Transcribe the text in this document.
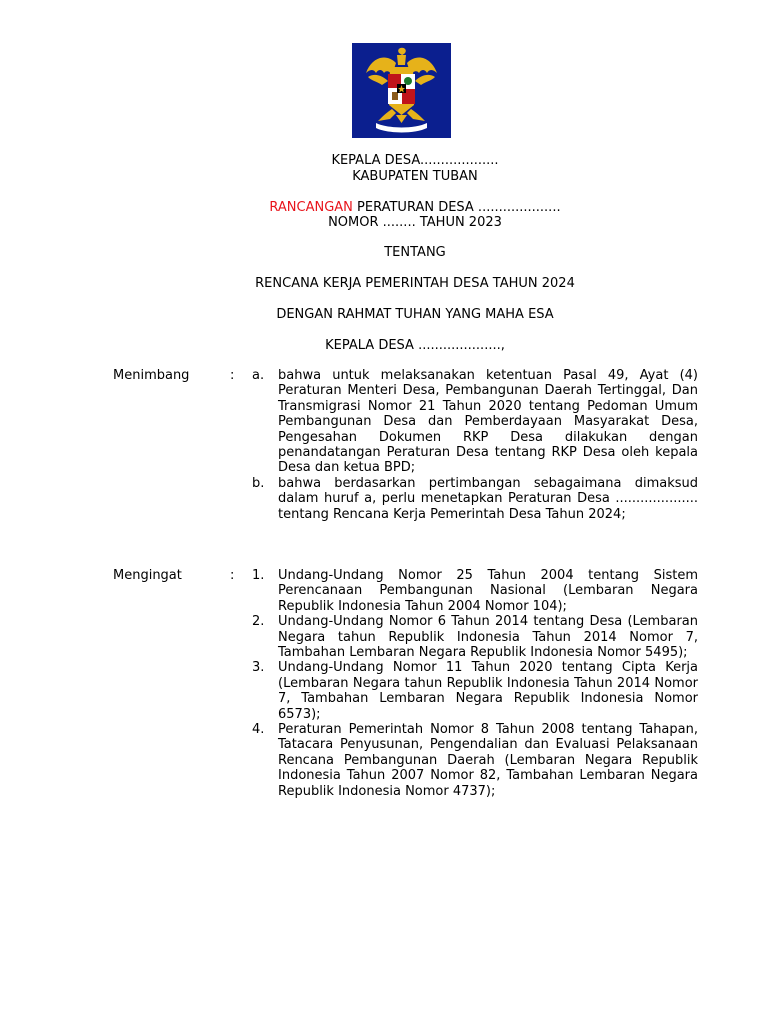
KEPALA DESA...................
KABUPATEN TUBAN
RANCANGAN PERATURAN DESA ....................
NOMOR ........ TAHUN 2023
TENTANG
RENCANA KERJA PEMERINTAH DESA TAHUN 2024
DENGAN RAHMAT TUHAN YANG MAHA ESA
KEPALA DESA ....................,
Menimbang	:	a.	bahwa untuk melaksanakan ketentuan Pasal 49, Ayat (4) Peraturan Menteri Desa, Pembangunan Daerah Tertinggal, Dan Transmigrasi Nomor 21 Tahun 2020 tentang Pedoman Umum Pembangunan Desa dan Pemberdayaan Masyarakat Desa, Pengesahan Dokumen RKP Desa dilakukan dengan penandatangan Peraturan Desa tentang RKP Desa oleh kepala Desa dan ketua BPD;
b.	bahwa berdasarkan pertimbangan sebagaimana dimaksud dalam huruf a, perlu menetapkan Peraturan Desa .................... tentang Rencana Kerja Pemerintah Desa Tahun 2024;
Mengingat	:	1.	Undang-Undang Nomor 25 Tahun 2004 tentang Sistem Perencanaan Pembangunan Nasional (Lembaran Negara Republik Indonesia Tahun 2004 Nomor 104);
2.	Undang-Undang Nomor 6 Tahun 2014 tentang Desa (Lembaran Negara tahun Republik Indonesia Tahun 2014 Nomor 7, Tambahan Lembaran Negara Republik Indonesia Nomor 5495);
3.	Undang-Undang Nomor 11 Tahun 2020 tentang Cipta Kerja (Lembaran Negara tahun Republik Indonesia Tahun 2014 Nomor 7, Tambahan Lembaran Negara Republik Indonesia Nomor 6573);
4.	Peraturan Pemerintah Nomor 8 Tahun 2008 tentang Tahapan, Tatacara Penyusunan, Pengendalian dan Evaluasi Pelaksanaan Rencana Pembangunan Daerah (Lembaran Negara Republik Indonesia Tahun 2007 Nomor 82, Tambahan Lembaran Negara Republik Indonesia Nomor 4737);
